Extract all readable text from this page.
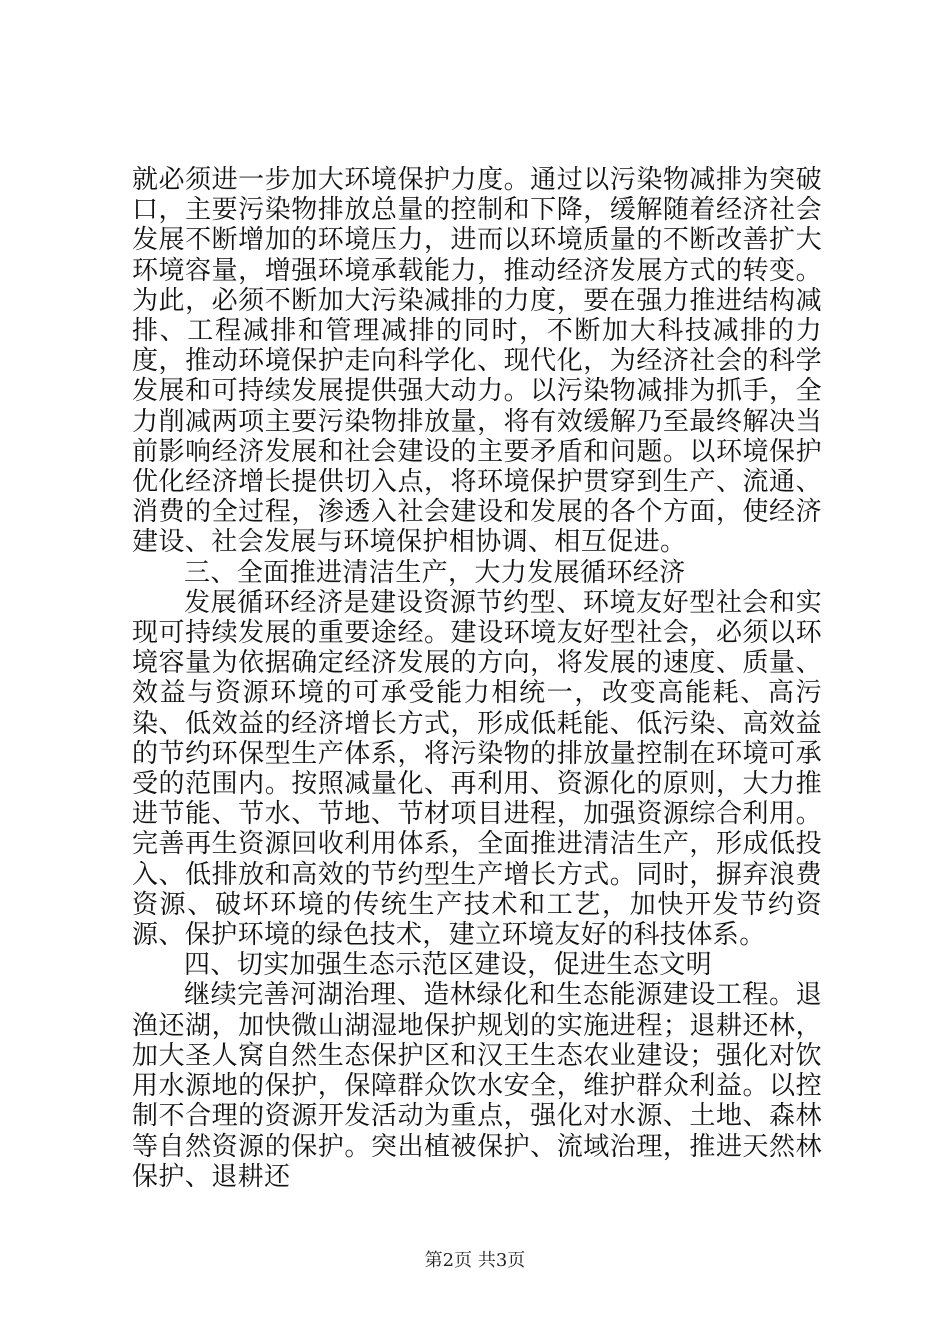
就必须进一步加大环境保护力度。通过以污染物减排为突破口，主要污染物排放总量的控制和下降，缓解随着经济社会发展不断增加的环境压力，进而以环境质量的不断改善扩大环境容量，增强环境承载能力，推动经济发展方式的转变。为此，必须不断加大污染减排的力度，要在强力推进结构减排、工程减排和管理减排的同时，不断加大科技减排的力度，推动环境保护走向科学化、现代化，为经济社会的科学发展和可持续发展提供强大动力。以污染物减排为抓手，全力削减两项主要污染物排放量，将有效缓解乃至最终解决当前影响经济发展和社会建设的主要矛盾和问题。以环境保护优化经济增长提供切入点，将环境保护贯穿到生产、流通、消费的全过程，渗透入社会建设和发展的各个方面，使经济建设、社会发展与环境保护相协调、相互促进。

三、全面推进清洁生产，大力发展循环经济

发展循环经济是建设资源节约型、环境友好型社会和实现可持续发展的重要途经。建设环境友好型社会，必须以环境容量为依据确定经济发展的方向，将发展的速度、质量、效益与资源环境的可承受能力相统一，改变高能耗、高污染、低效益的经济增长方式，形成低耗能、低污染、高效益的节约环保型生产体系，将污染物的排放量控制在环境可承受的范围内。按照减量化、再利用、资源化的原则，大力推进节能、节水、节地、节材项目进程，加强资源综合利用。完善再生资源回收利用体系，全面推进清洁生产，形成低投入、低排放和高效的节约型生产增长方式。同时，摒弃浪费资源、破坏环境的传统生产技术和工艺，加快开发节约资源、保护环境的绿色技术，建立环境友好的科技体系。

四、切实加强生态示范区建设，促进生态文明

继续完善河湖治理、造林绿化和生态能源建设工程。退渔还湖，加快微山湖湿地保护规划的实施进程；退耕还林，加大圣人窝自然生态保护区和汉王生态农业建设；强化对饮用水源地的保护，保障群众饮水安全，维护群众利益。以控制不合理的资源开发活动为重点，强化对水源、土地、森林等自然资源的保护。突出植被保护、流域治理，推进天然林保护、退耕还

第2页 共3页
